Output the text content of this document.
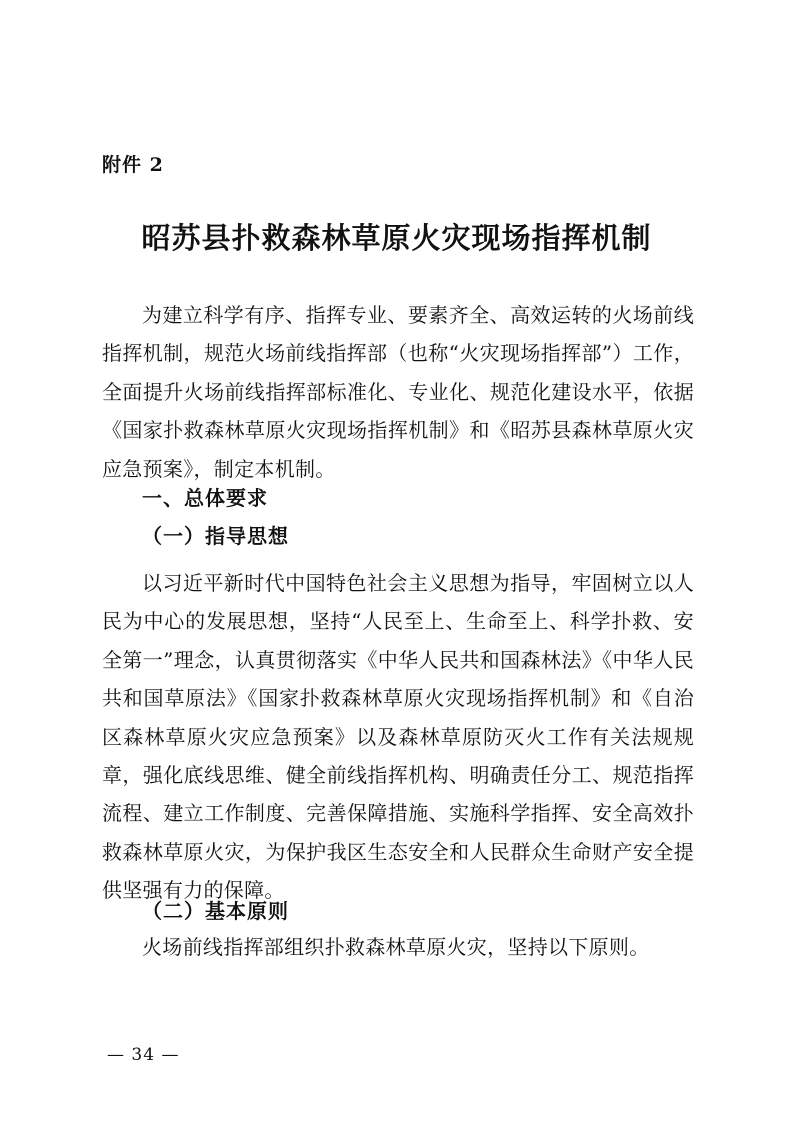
附件 2
昭苏县扑救森林草原火灾现场指挥机制

为建立科学有序、指挥专业、要素齐全、高效运转的火场前线指挥机制，规范火场前线指挥部（也称“火灾现场指挥部”）工作，全面提升火场前线指挥部标准化、专业化、规范化建设水平，依据《国家扑救森林草原火灾现场指挥机制》和《昭苏县森林草原火灾应急预案》，制定本机制。

一、总体要求
（一）指导思想

以习近平新时代中国特色社会主义思想为指导，牢固树立以人民为中心的发展思想，坚持“人民至上、生命至上、科学扑救、安全第一”理念，认真贯彻落实《中华人民共和国森林法》《中华人民共和国草原法》《国家扑救森林草原火灾现场指挥机制》和《自治区森林草原火灾应急预案》以及森林草原防灭火工作有关法规规章，强化底线思维、健全前线指挥机构、明确责任分工、规范指挥流程、建立工作制度、完善保障措施、实施科学指挥、安全高效扑救森林草原火灾，为保护我区生态安全和人民群众生命财产安全提供坚强有力的保障。

（二）基本原则

火场前线指挥部组织扑救森林草原火灾，坚持以下原则。

— 34 —
